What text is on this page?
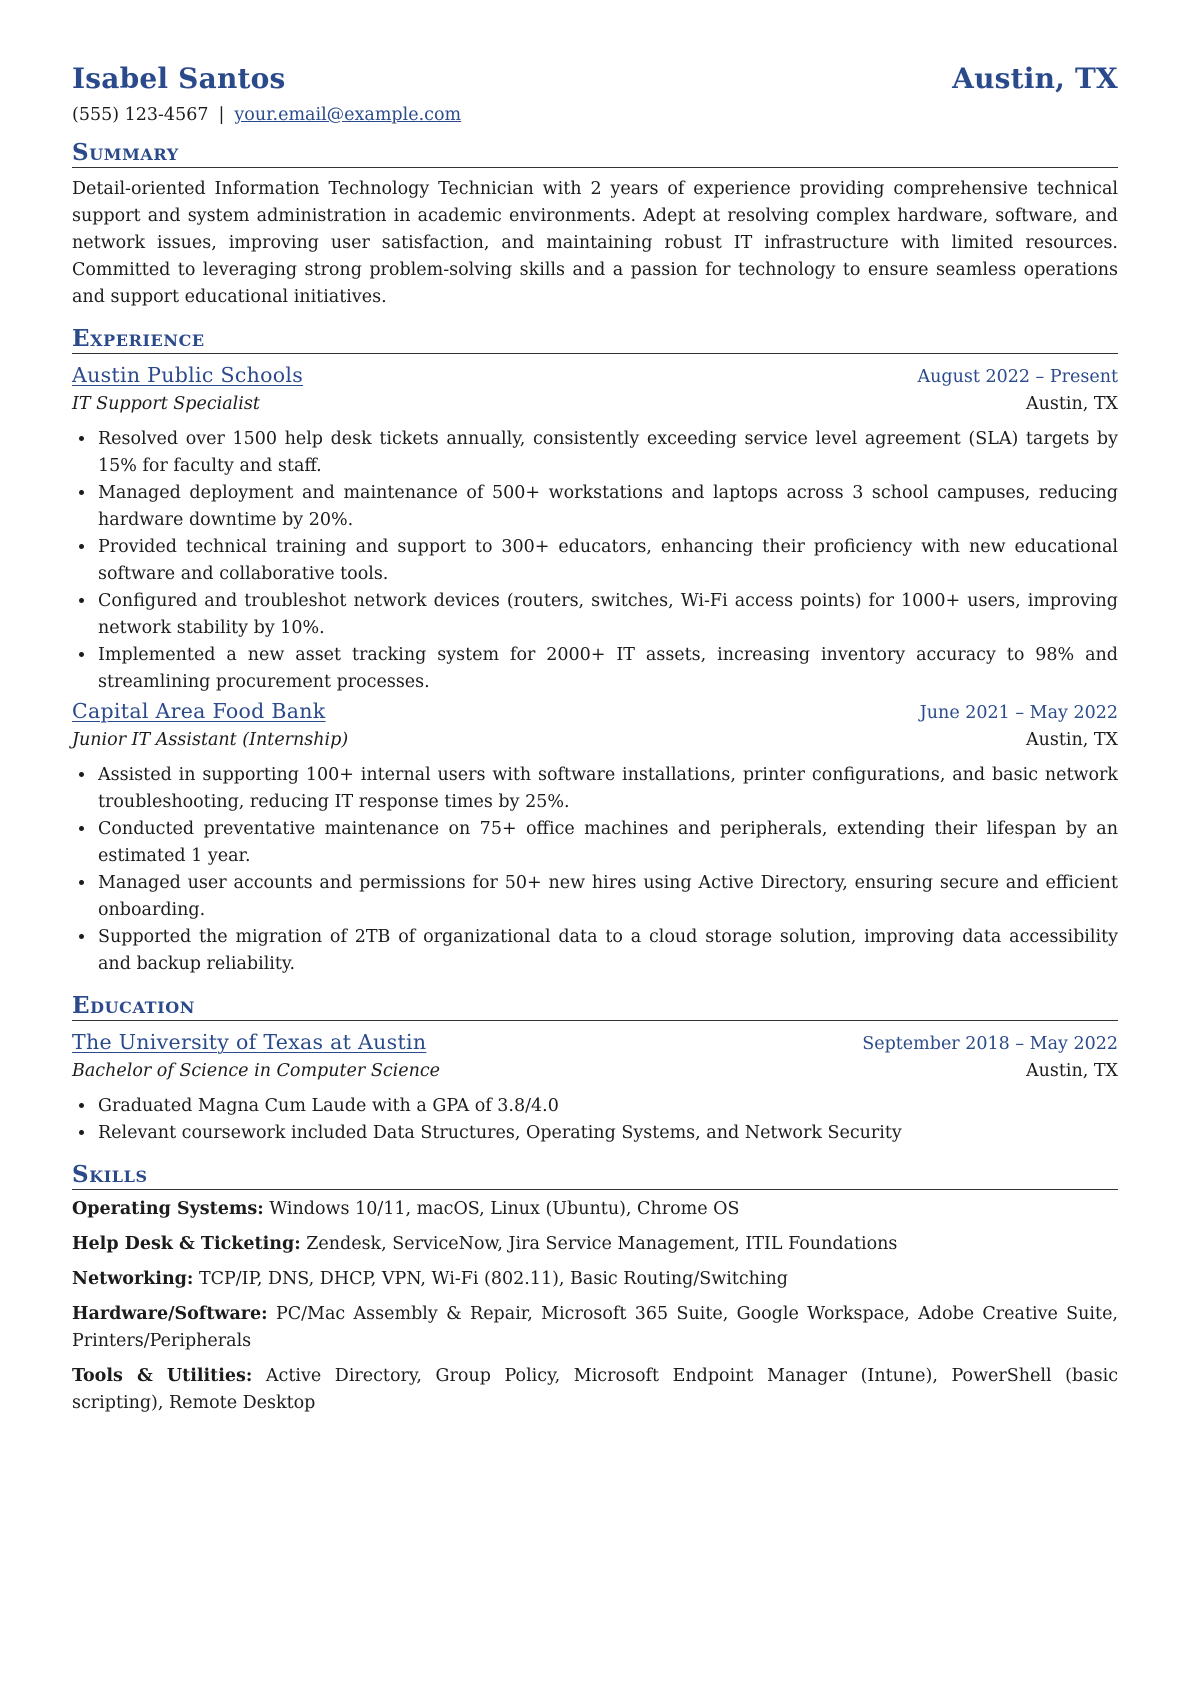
Isabel Santos	Austin, TX
(555) 123-4567 | your.email@example.com
Summary
Detail-oriented Information Technology Technician with 2 years of experience providing comprehensive technical support and system administration in academic environments. Adept at resolving complex hardware, software, and network issues, improving user satisfaction, and maintaining robust IT infrastructure with limited resources. Committed to leveraging strong problem-solving skills and a passion for technology to ensure seamless operations and support educational initiatives.
Experience
Austin Public Schools	August 2022 – Present
IT Support Specialist	Austin, TX
• Resolved over 1500 help desk tickets annually, consistently exceeding service level agreement (SLA) targets by 15% for faculty and staff.
• Managed deployment and maintenance of 500+ workstations and laptops across 3 school campuses, reducing hardware downtime by 20%.
• Provided technical training and support to 300+ educators, enhancing their proficiency with new educational software and collaborative tools.
• Configured and troubleshot network devices (routers, switches, Wi-Fi access points) for 1000+ users, improving network stability by 10%.
• Implemented a new asset tracking system for 2000+ IT assets, increasing inventory accuracy to 98% and streamlining procurement processes.
Capital Area Food Bank	June 2021 – May 2022
Junior IT Assistant (Internship)	Austin, TX
• Assisted in supporting 100+ internal users with software installations, printer configurations, and basic network troubleshooting, reducing IT response times by 25%.
• Conducted preventative maintenance on 75+ office machines and peripherals, extending their lifespan by an estimated 1 year.
• Managed user accounts and permissions for 50+ new hires using Active Directory, ensuring secure and efficient onboarding.
• Supported the migration of 2TB of organizational data to a cloud storage solution, improving data accessibility and backup reliability.
Education
The University of Texas at Austin	September 2018 – May 2022
Bachelor of Science in Computer Science	Austin, TX
• Graduated Magna Cum Laude with a GPA of 3.8/4.0
• Relevant coursework included Data Structures, Operating Systems, and Network Security
Skills
Operating Systems: Windows 10/11, macOS, Linux (Ubuntu), Chrome OS
Help Desk & Ticketing: Zendesk, ServiceNow, Jira Service Management, ITIL Foundations
Networking: TCP/IP, DNS, DHCP, VPN, Wi-Fi (802.11), Basic Routing/Switching
Hardware/Software: PC/Mac Assembly & Repair, Microsoft 365 Suite, Google Workspace, Adobe Creative Suite, Printers/Peripherals
Tools & Utilities: Active Directory, Group Policy, Microsoft Endpoint Manager (Intune), PowerShell (basic scripting), Remote Desktop
